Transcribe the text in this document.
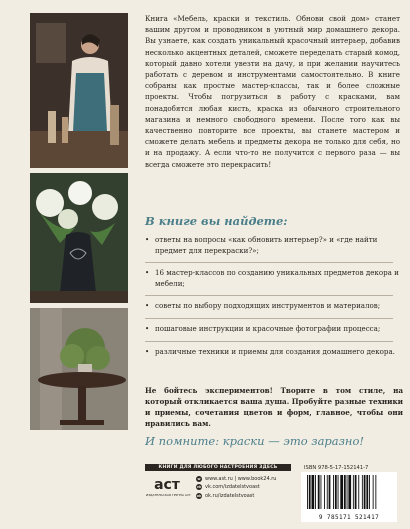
Книга «Мебель, краски и текстиль. Обнови свой дом» станет вашим другом и проводником в уютный мир домашнего декора. Вы узнаете, как создать уникальный красочный интерьер, добавив несколько акцентных деталей, сможете переделать старый комод, который давно хотели увезти на дачу, и при желании научитесь работать с деревом и инструментами самостоятельно. В книге собраны как простые мастер-классы, так и более сложные проекты. Чтобы погрузиться в работу с красками, вам понадобятся любая кисть, краска из обычного строительного магазина и немного свободного времени. После того как вы качественно повторите все проекты, вы станете мастером и сможете делать мебель и предметы декора не только для себя, но и на продажу. А если что-то не получится с первого раза — вы всегда сможете это перекрасить!

В книге вы найдете:
• ответы на вопросы «как обновить интерьер?» и «где найти предмет для перекраски?»;
• 16 мастер-классов по созданию уникальных предметов декора и мебели;
• советы по выбору подходящих инструментов и материалов;
• пошаговые инструкции и красочные фотографии процесса;
• различные техники и приемы для создания домашнего декора.

Не бойтесь экспериментов! Творите в том стиле, на который откликается ваша душа. Пробуйте разные техники и приемы, сочетания цветов и форм, главное, чтобы они нравились вам.

И помните: краски — это заразно!

КНИГИ ДЛЯ ЛЮБОГО НАСТРОЕНИЯ ЗДЕСЬ
аст
ИЗДАТЕЛЬСКАЯ ГРУППА АСТ
w www.ast.ru | www.book24.ru
vk vk.com/izdatelstvoast
ok ok.ru/izdatelstvoast

ISBN 978-5-17-152141-7

9 785171 521417
